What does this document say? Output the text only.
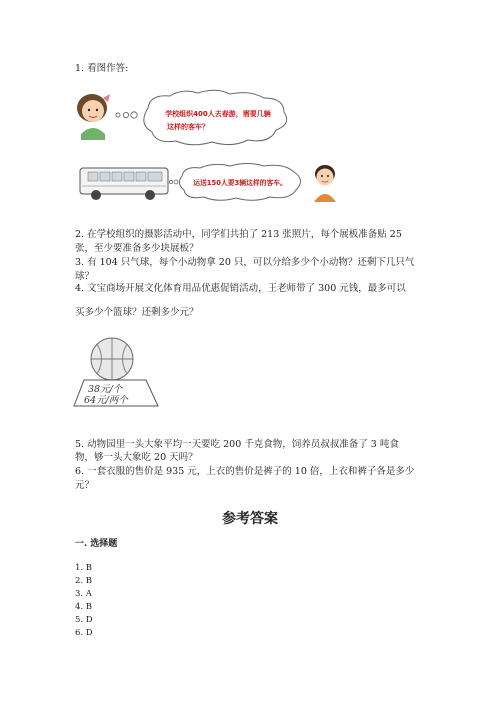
1. 看图作答:
学校组织400人去春游，需要几辆
这样的客车？
运送150人要3辆这样的客车。
2. 在学校组织的摄影活动中，同学们共拍了 213 张照片，每个展板准备贴 25
张，至少要准备多少块展板？
3. 有 104 只气球，每个小动物拿 20 只，可以分给多少个小动物？还剩下几只气
球？
4. 文宝商场开展文化体育用品优惠促销活动，王老师带了 300 元钱，最多可以
买多少个篮球？还剩多少元？
38元/个
64元/两个
5. 动物园里一头大象平均一天要吃 200 千克食物，饲养员叔叔准备了 3 吨食
物，够一头大象吃 20 天吗？
6. 一套衣服的售价是 935 元，上衣的售价是裤子的 10 倍，上衣和裤子各是多少
元？
参考答案
一. 选择题
1. B
2. B
3. A
4. B
5. D
6. D
